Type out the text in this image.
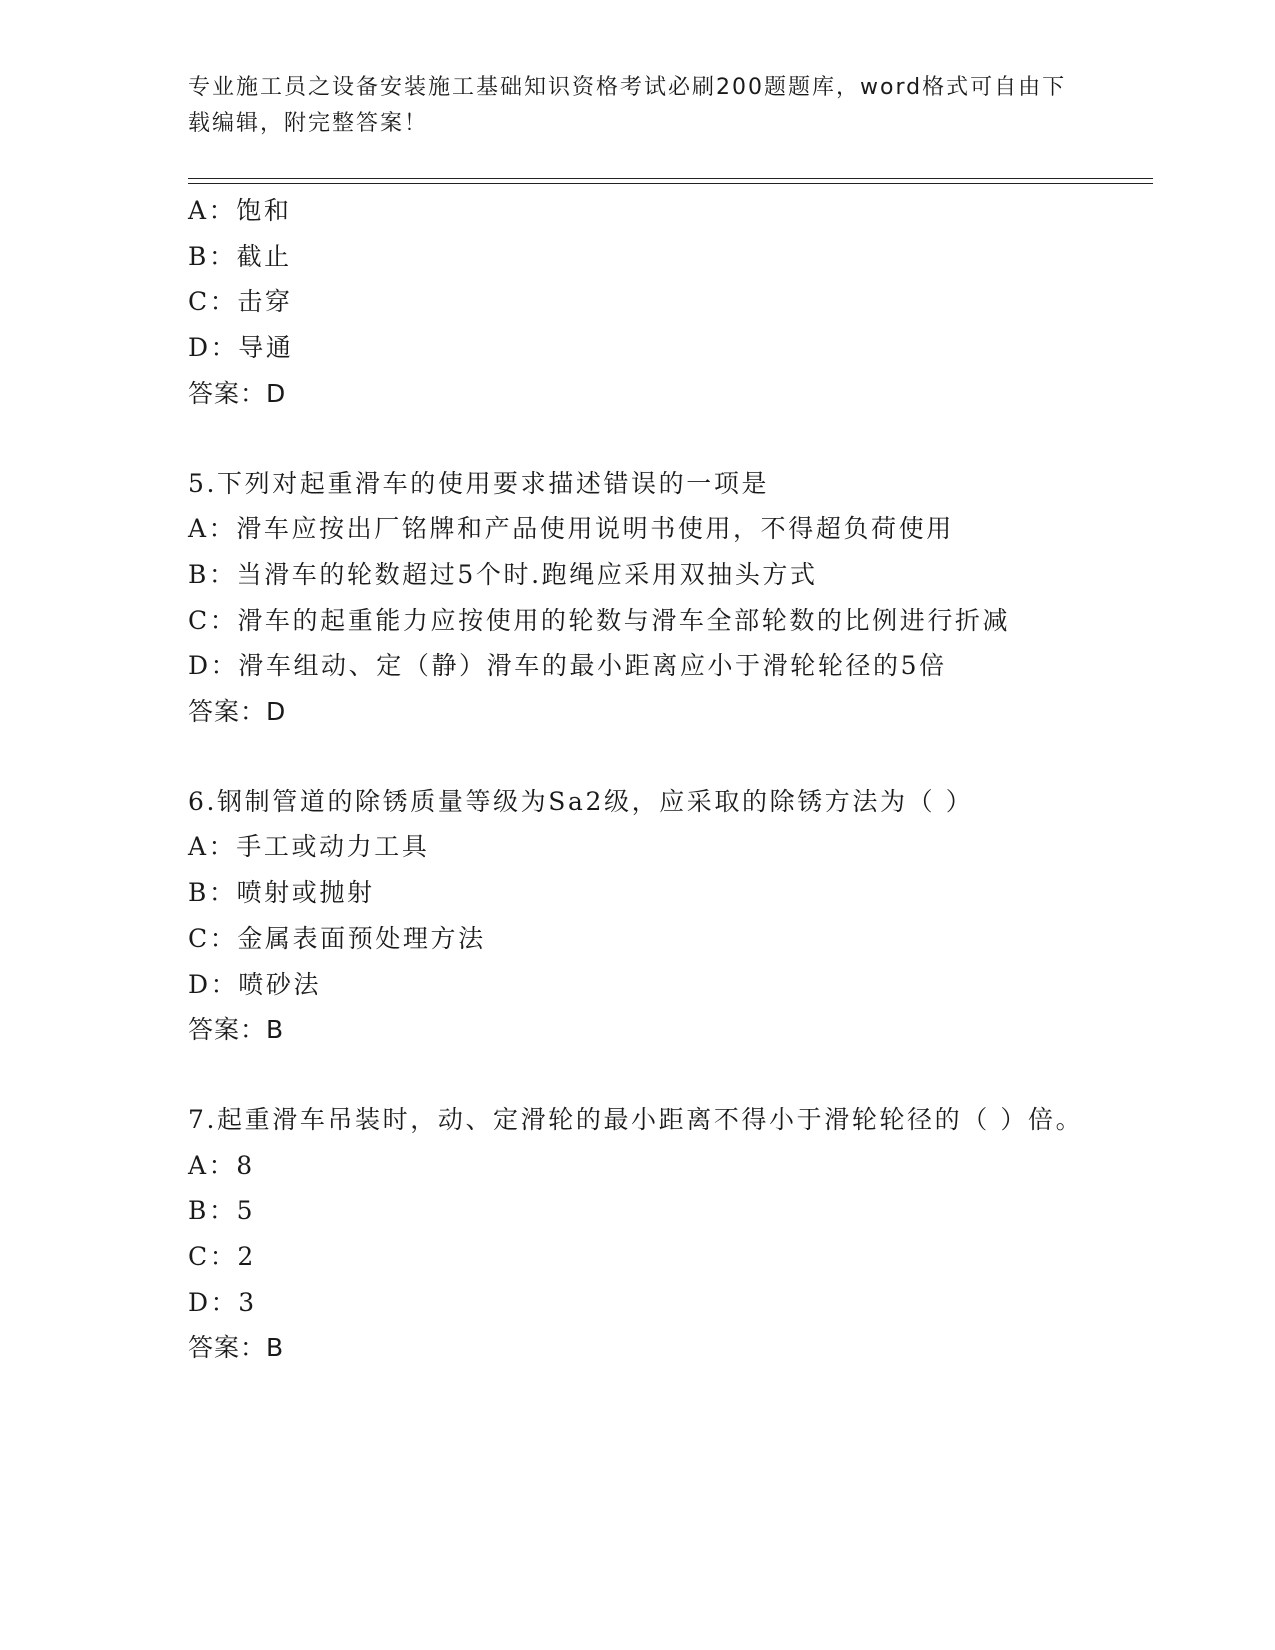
专业施工员之设备安装施工基础知识资格考试必刷200题题库，word格式可自由下载编辑，附完整答案！
A：饱和
B：截止
C：击穿
D：导通
答案：D
5.下列对起重滑车的使用要求描述错误的一项是
A：滑车应按出厂铭牌和产品使用说明书使用，不得超负荷使用
B：当滑车的轮数超过5个时.跑绳应采用双抽头方式
C：滑车的起重能力应按使用的轮数与滑车全部轮数的比例进行折减
D：滑车组动、定（静）滑车的最小距离应小于滑轮轮径的5倍
答案：D
6.钢制管道的除锈质量等级为Sa2级，应采取的除锈方法为（ ）
A：手工或动力工具
B：喷射或抛射
C：金属表面预处理方法
D：喷砂法
答案：B
7.起重滑车吊装时，动、定滑轮的最小距离不得小于滑轮轮径的（ ）倍。
A：8
B：5
C：2
D：3
答案：B
